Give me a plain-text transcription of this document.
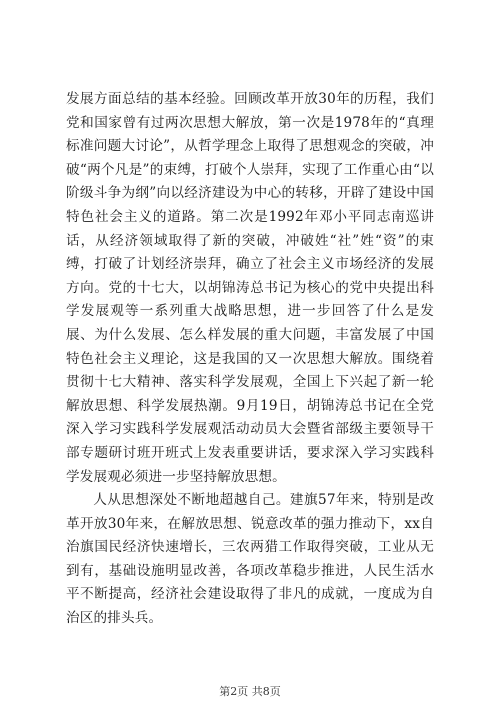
发展方面总结的基本经验。回顾改革开放30年的历程，我们党和国家曾有过两次思想大解放，第一次是1978年的“真理标准问题大讨论”，从哲学理念上取得了思想观念的突破，冲破“两个凡是”的束缚，打破个人崇拜，实现了工作重心由“以阶级斗争为纲”向以经济建设为中心的转移，开辟了建设中国特色社会主义的道路。第二次是1992年邓小平同志南巡讲话，从经济领域取得了新的突破，冲破姓“社”姓“资”的束缚，打破了计划经济崇拜，确立了社会主义市场经济的发展方向。党的十七大，以胡锦涛总书记为核心的党中央提出科学发展观等一系列重大战略思想，进一步回答了什么是发展、为什么发展、怎么样发展的重大问题，丰富发展了中国特色社会主义理论，这是我国的又一次思想大解放。围绕着贯彻十七大精神、落实科学发展观，全国上下兴起了新一轮解放思想、科学发展热潮。9月19日，胡锦涛总书记在全党深入学习实践科学发展观活动动员大会暨省部级主要领导干部专题研讨班开班式上发表重要讲话，要求深入学习实践科学发展观必须进一步坚持解放思想。

人从思想深处不断地超越自己。建旗57年来，特别是改革开放30年来，在解放思想、锐意改革的强力推动下，xx自治旗国民经济快速增长，三农两猎工作取得突破，工业从无到有，基础设施明显改善，各项改革稳步推进，人民生活水平不断提高，经济社会建设取得了非凡的成就，一度成为自治区的排头兵。

第2页 共8页
